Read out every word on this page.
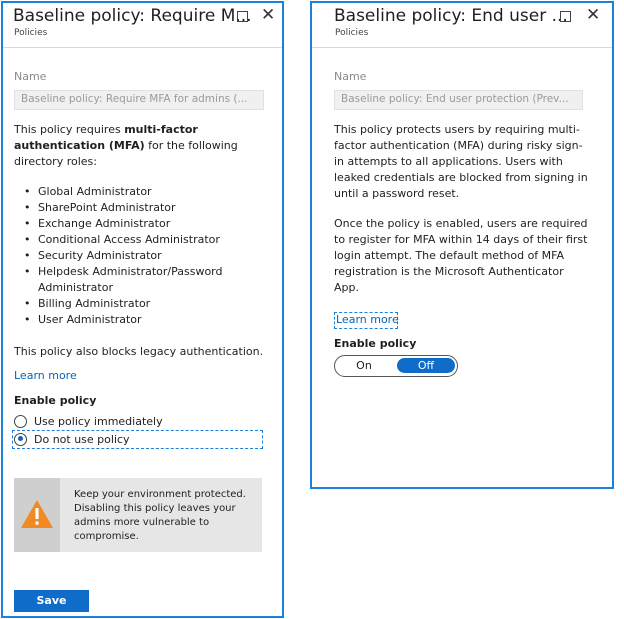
Baseline policy: Require M...
Policies
✕
Name
Baseline policy: Require MFA for admins (...
This policy requires multi-factor authentication (MFA) for the following directory roles:
• Global Administrator
• SharePoint Administrator
• Exchange Administrator
• Conditional Access Administrator
• Security Administrator
• Helpdesk Administrator/Password Administrator
• Billing Administrator
• User Administrator
This policy also blocks legacy authentication.
Learn more
Enable policy
Use policy immediately
Do not use policy
Keep your environment protected. Disabling this policy leaves your admins more vulnerable to compromise.
Save
Baseline policy: End user ...
Policies
✕
Name
Baseline policy: End user protection (Prev...
This policy protects users by requiring multi-factor authentication (MFA) during risky sign-in attempts to all applications. Users with leaked credentials are blocked from signing in until a password reset.
Once the policy is enabled, users are required to register for MFA within 14 days of their first login attempt. The default method of MFA registration is the Microsoft Authenticator App.
Learn more
Enable policy
On	Off
